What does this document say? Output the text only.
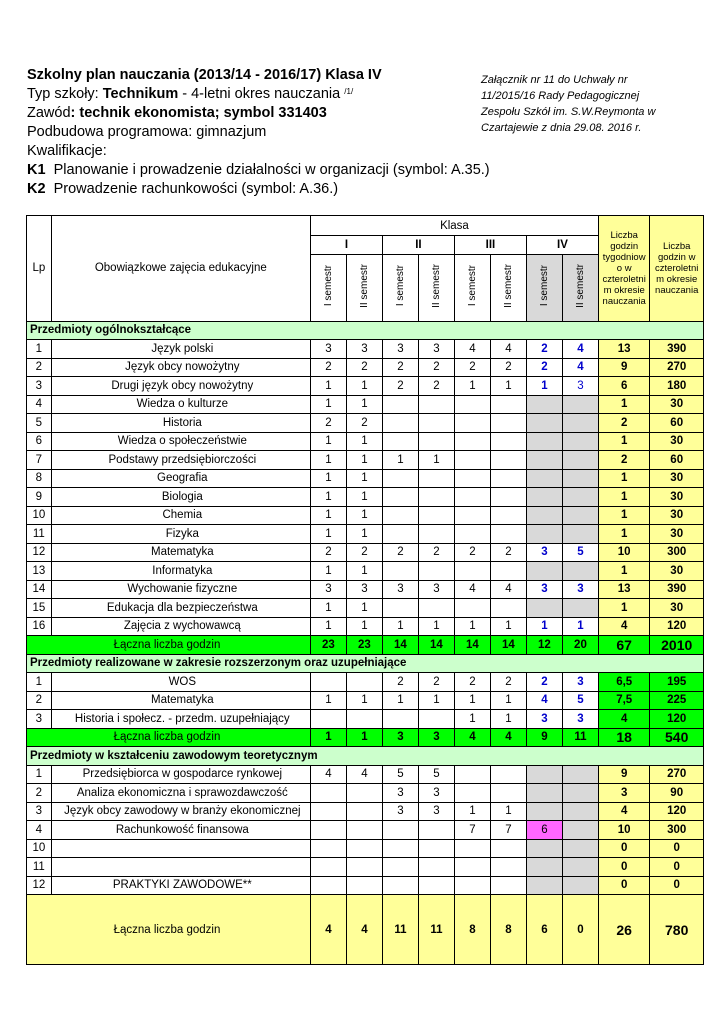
Szkolny plan nauczania (2013/14 - 2016/17) Klasa IV
Typ szkoły: Technikum - 4-letni okres nauczania $^{/1/}$
Zawód: technik ekonomista; symbol 331403
Podbudowa programowa: gimnazjum
Kwalifikacje:
K1 Planowanie i prowadzenie działalności w organizacji (symbol: A.35.)
K2 Prowadzenie rachunkowości (symbol: A.36.)
Załącznik nr 11 do Uchwały nr
11/2015/16 Rady Pedagogicznej
Zespołu Szkół im. S.W.Reymonta w
Czartajewie z dnia 29.08. 2016 r.
Lp	Obowiązkowe zajęcia edukacyjne	Klasa								Liczba godzin tygodniow o w czteroletni m okresie nauczania	Liczba godzin w czteroletni m okresie nauczania

		I		II		III		IV			
		I semestr	II semestr	I semestr	II semestr	I semestr	II semestr	I semestr	II semestr		
Przedmioty ogólnokształcące											
1	Język polski	3	3	3	3	4	4	2	4	13	390
2	Język obcy nowożytny	2	2	2	2	2	2	2	4	9	270
3	Drugi język obcy nowożytny	1	1	2	2	1	1	1	3	6	180
4	Wiedza o kulturze	1	1							1	30
5	Historia	2	2							2	60
6	Wiedza o społeczeństwie	1	1							1	30
7	Podstawy przedsiębiorczości	1	1	1	1					2	60
8	Geografia	1	1							1	30
9	Biologia	1	1							1	30
10	Chemia	1	1							1	30
11	Fizyka	1	1							1	30
12	Matematyka	2	2	2	2	2	2	3	5	10	300
13	Informatyka	1	1							1	30
14	Wychowanie fizyczne	3	3	3	3	4	4	3	3	13	390
15	Edukacja dla bezpieczeństwa	1	1							1	30
16	Zajęcia z wychowawcą	1	1	1	1	1	1	1	1	4	120
Łączna liczba godzin		23	23	14	14	14	14	12	20	67	2010
Przedmioty realizowane w zakresie rozszerzonym oraz uzupełniające											
1	WOS			2	2	2	2	2	3	6,5	195
2	Matematyka	1	1	1	1	1	1	4	5	7,5	225
3	Historia i społecz. - przedm. uzupełniający					1	1	3	3	4	120
Łączna liczba godzin		1	1	3	3	4	4	9	11	18	540
Przedmioty w kształceniu zawodowym teoretycznym											
1	Przedsiębiorca w gospodarce rynkowej	4	4	5	5					9	270
2	Analiza ekonomiczna i sprawozdawczość			3	3					3	90
3	Język obcy zawodowy w branży ekonomicznej			3	3	1	1			4	120
4	Rachunkowość finansowa					7	7	6		10	300
10										0	0
11										0	0
12	PRAKTYKI ZAWODOWE**									0	0
Łączna liczba godzin		4	4	11	11	8	8	6	0	26	780
